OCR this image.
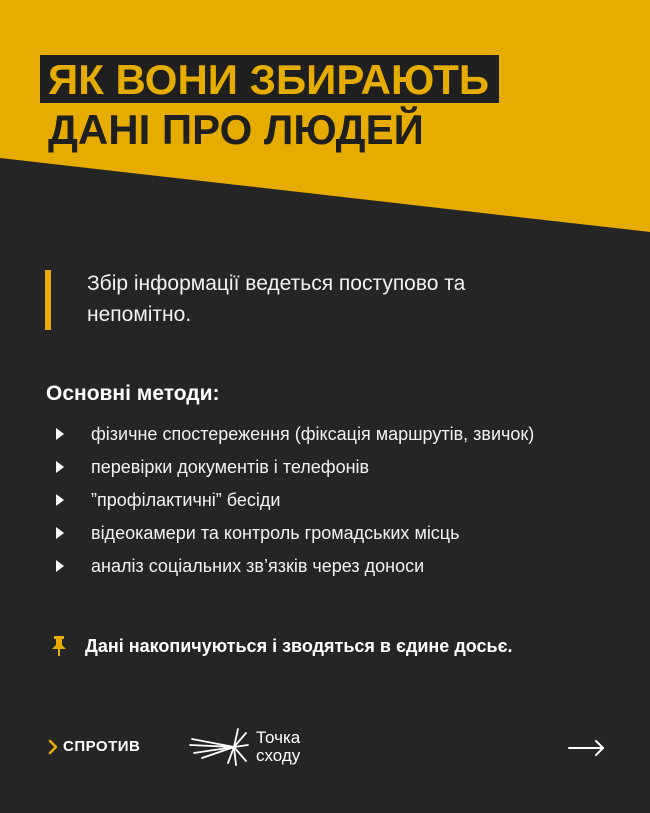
ЯК ВОНИ ЗБИРАЮТЬ
ДАНІ ПРО ЛЮДЕЙ
Збір інформації ведеться поступово та непомітно.
Основні методи:
фізичне спостереження (фіксація маршрутів, звичок)
перевірки документів і телефонів
”профілактичні” бесіди
відеокамери та контроль громадських місць
аналіз соціальних зв’язків через доноси
Дані накопичуються і зводяться в єдине досьє.
СПРОТИВ	Точка
сходу
